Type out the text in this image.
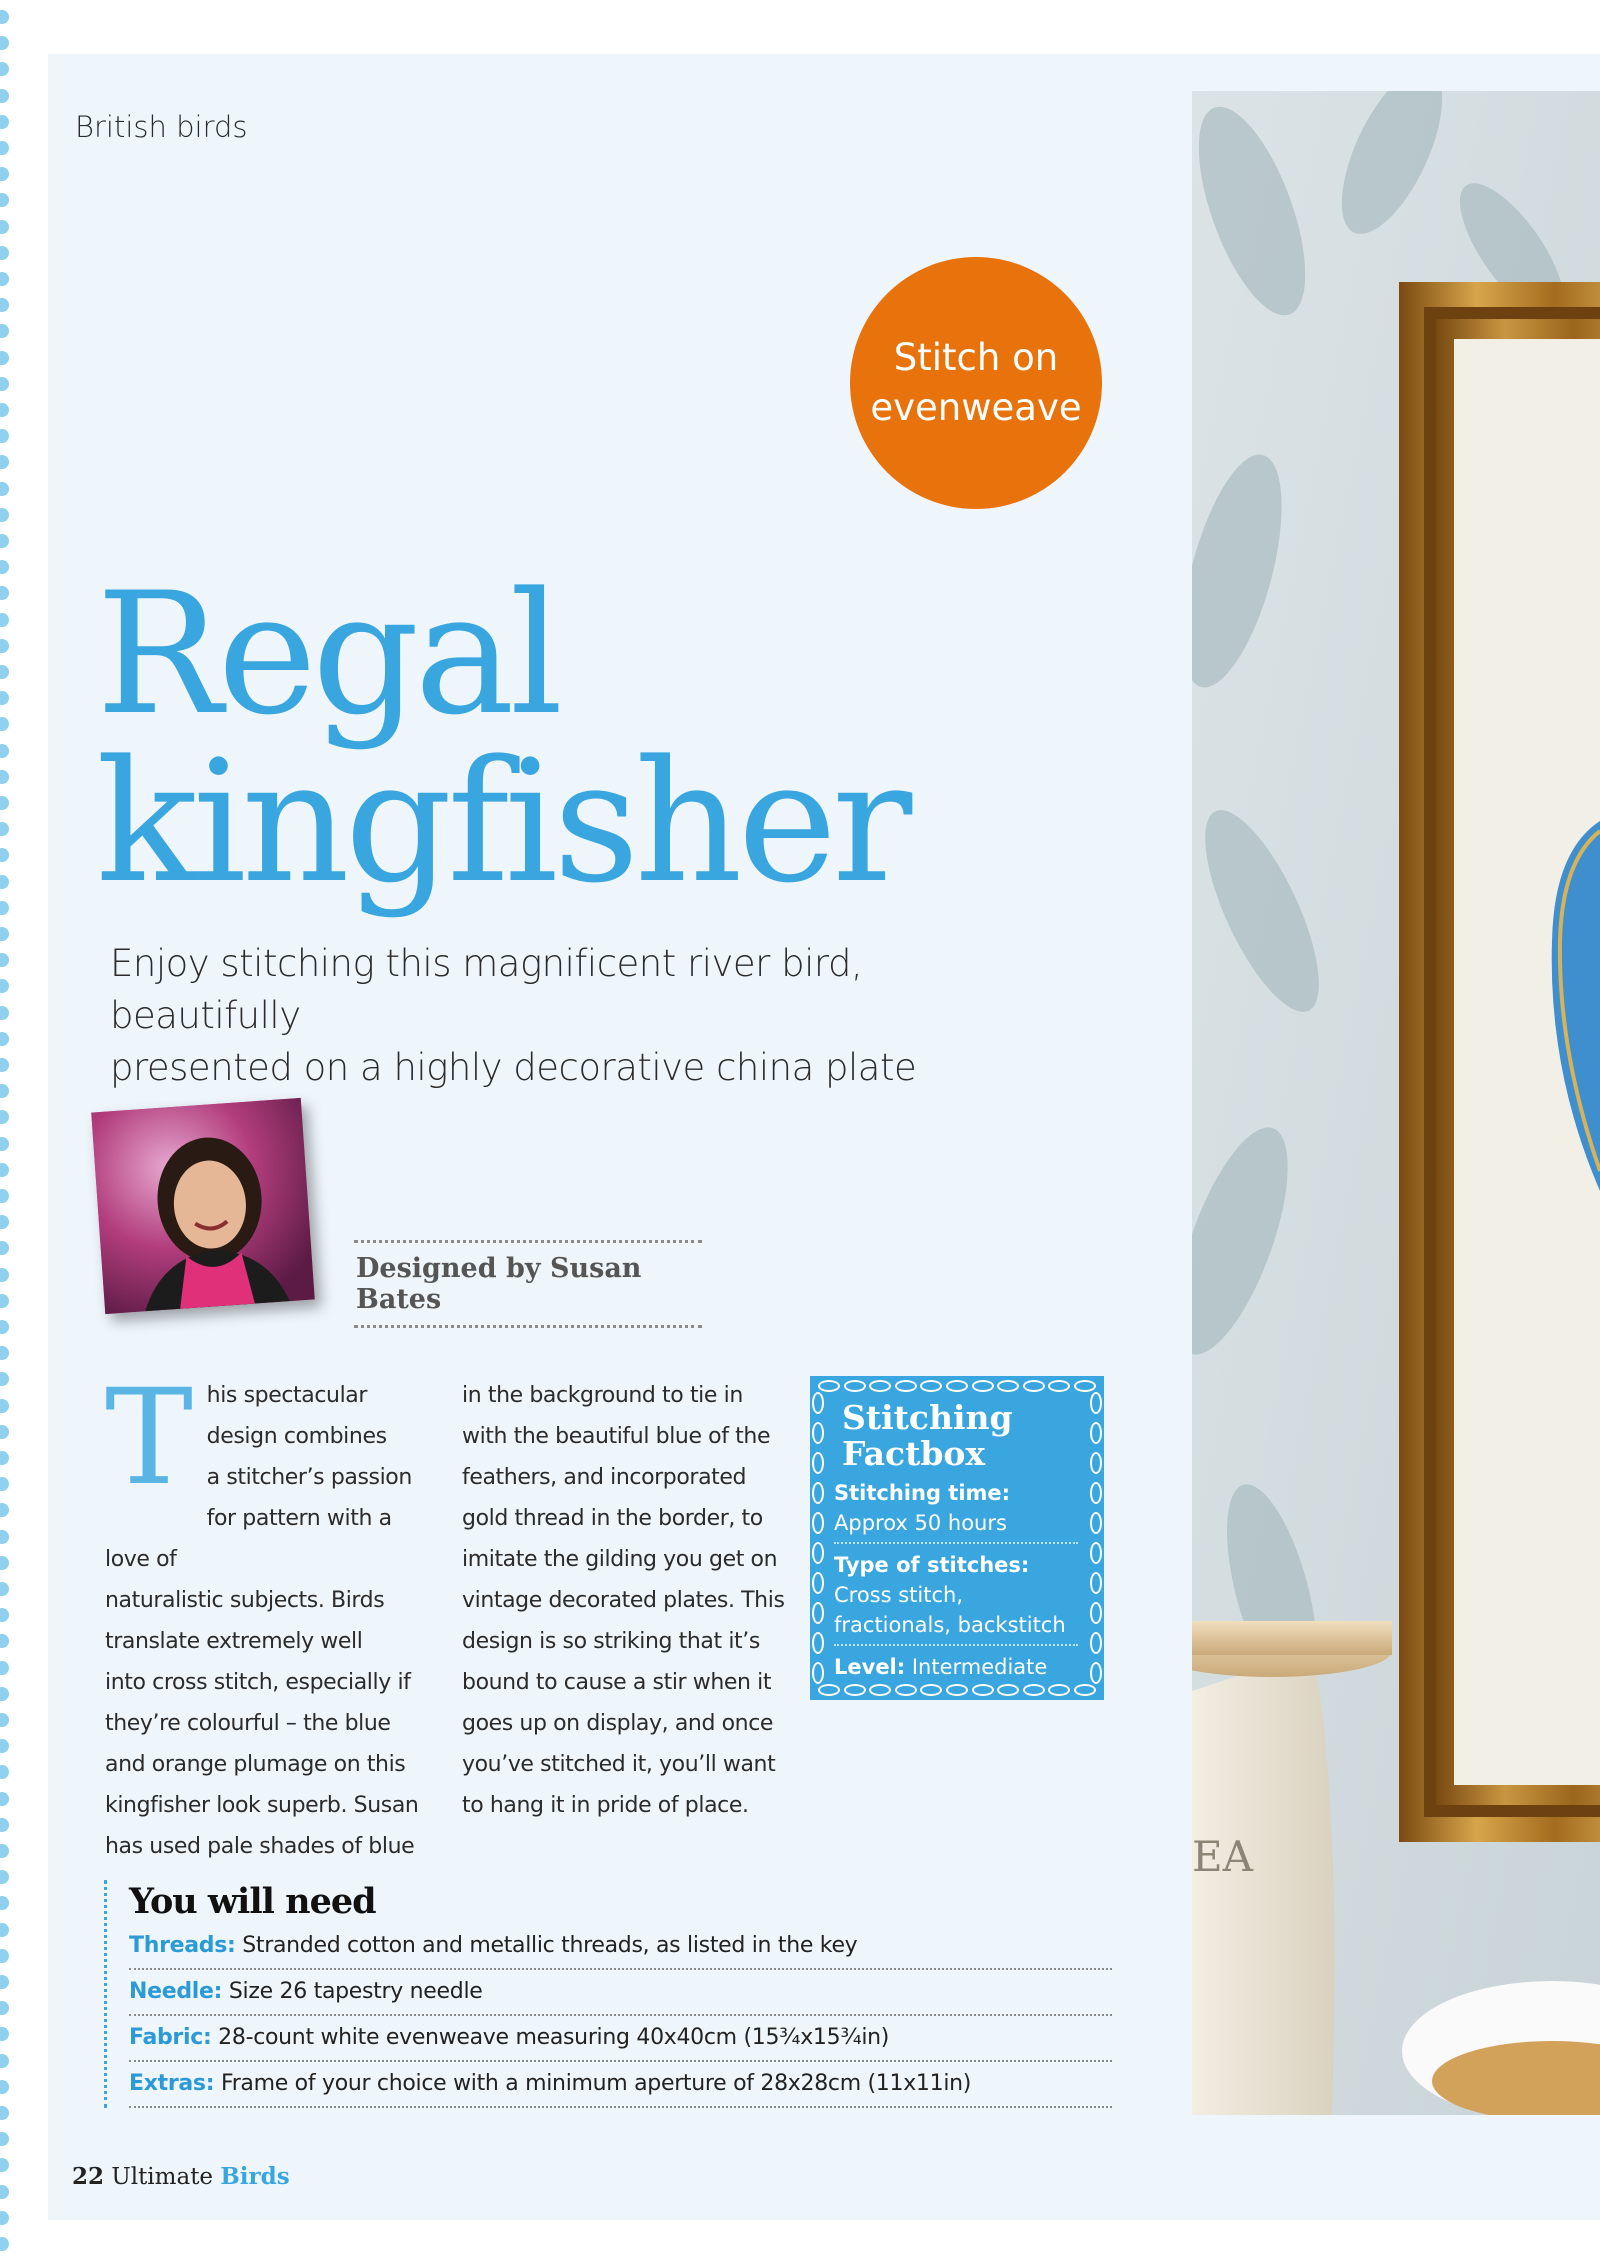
British birds
Stitch on
evenweave
Regal
kingfisher
Enjoy stitching this magnificent river bird, beautifully
presented on a highly decorative china plate
Designed by Susan Bates
T his spectacular

design combines

a stitcher’s passion

for pattern with a love of

naturalistic subjects. Birds

translate extremely well

into cross stitch, especially if

they’re colourful – the blue

and orange plumage on this

kingfisher look superb. Susan

has used pale shades of blue

in the background to tie in

with the beautiful blue of the

feathers, and incorporated

gold thread in the border, to

imitate the gilding you get on

vintage decorated plates. This

design is so striking that it’s

bound to cause a stir when it

goes up on display, and once

you’ve stitched it, you’ll want

to hang it in pride of place.

Stitching
Factbox
Stitching time:
Approx 50 hours
Type of stitches:
Cross stitch,
fractionals, backstitch
Level: Intermediate
You will need
Threads: Stranded cotton and metallic threads, as listed in the key
Needle: Size 26 tapestry needle
Fabric: 28-count white evenweave measuring 40x40cm (15¾x15¾in)
Extras: Frame of your choice with a minimum aperture of 28x28cm (11x11in)
22 Ultimate Birds
EA
